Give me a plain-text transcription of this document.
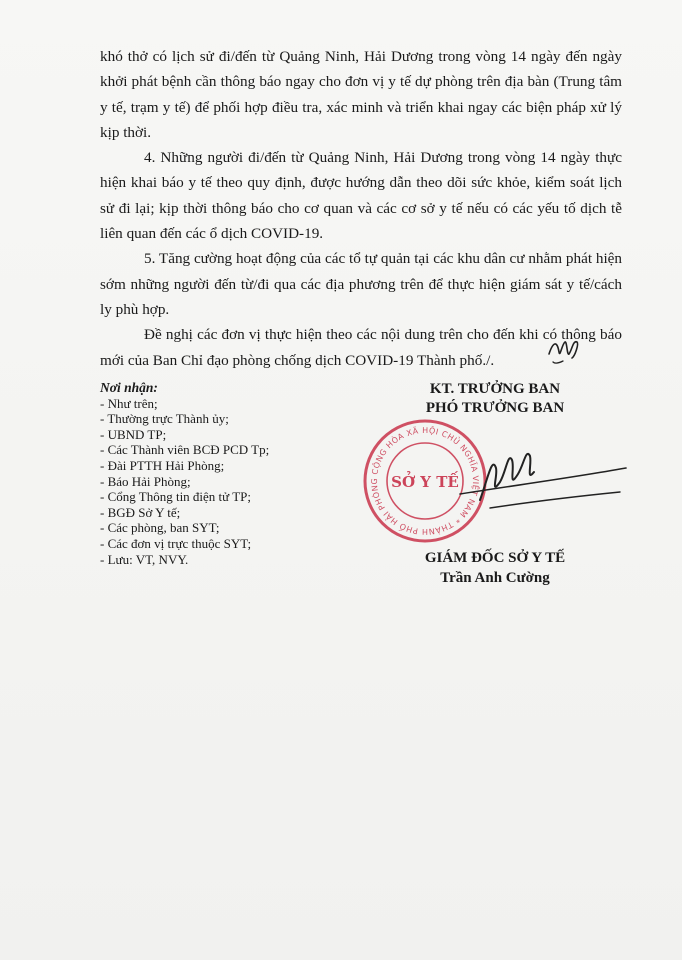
khó thở có lịch sử đi/đến từ Quảng Ninh, Hải Dương trong vòng 14 ngày đến ngày khởi phát bệnh cần thông báo ngay cho đơn vị y tế dự phòng trên địa bàn (Trung tâm y tế, trạm y tế) để phối hợp điều tra, xác minh và triển khai ngay các biện pháp xử lý kịp thời.

4. Những người đi/đến từ Quảng Ninh, Hải Dương trong vòng 14 ngày thực hiện khai báo y tế theo quy định, được hướng dẫn theo dõi sức khỏe, kiểm soát lịch sử đi lại; kịp thời thông báo cho cơ quan và các cơ sở y tế nếu có các yếu tố dịch tễ liên quan đến các ổ dịch COVID-19.

5. Tăng cường hoạt động của các tổ tự quản tại các khu dân cư nhằm phát hiện sớm những người đến từ/đi qua các địa phương trên để thực hiện giám sát y tế/cách ly phù hợp.

Đề nghị các đơn vị thực hiện theo các nội dung trên cho đến khi có thông báo mới của Ban Chỉ đạo phòng chống dịch COVID-19 Thành phố./.

Nơi nhận:
- Như trên;
- Thường trực Thành ủy;
- UBND TP;
- Các Thành viên BCĐ PCD Tp;
- Đài PTTH Hải Phòng;
- Báo Hải Phòng;
- Cổng Thông tin điện tử TP;
- BGĐ Sở Y tế;
- Các phòng, ban SYT;
- Các đơn vị trực thuộc SYT;
- Lưu: VT, NVY.
KT. TRƯỞNG BAN
PHÓ TRƯỞNG BAN
CỘNG HÒA XÃ HỘI CHỦ NGHĨA VIỆT NAM * THÀNH PHỐ HẢI PHÒNG SỞ Y TẾ
GIÁM ĐỐC SỞ Y TẾ
Trần Anh Cường
